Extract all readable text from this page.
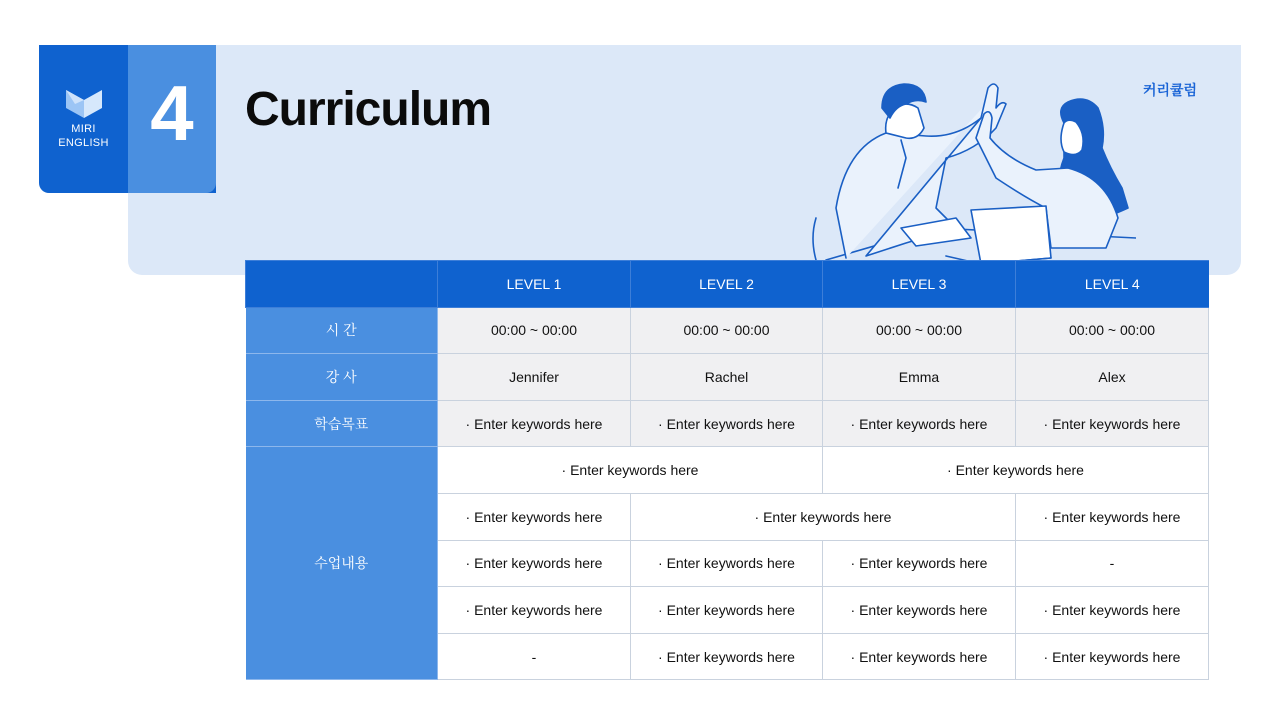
MIRI
ENGLISH 4	Curriculum	커리큘럼
	LEVEL 1	LEVEL 2	LEVEL 3	LEVEL 4
시 간	00:00 ~ 00:00	00:00 ~ 00:00	00:00 ~ 00:00	00:00 ~ 00:00
강 사	Jennifer	Rachel	Emma	Alex
학습목표	· Enter keywords here	· Enter keywords here	· Enter keywords here	· Enter keywords here
수업내용	· Enter keywords here		· Enter keywords here	
	· Enter keywords here	· Enter keywords here		· Enter keywords here
	· Enter keywords here	· Enter keywords here	· Enter keywords here	-
	· Enter keywords here	· Enter keywords here	· Enter keywords here	· Enter keywords here
	-	· Enter keywords here	· Enter keywords here	· Enter keywords here
